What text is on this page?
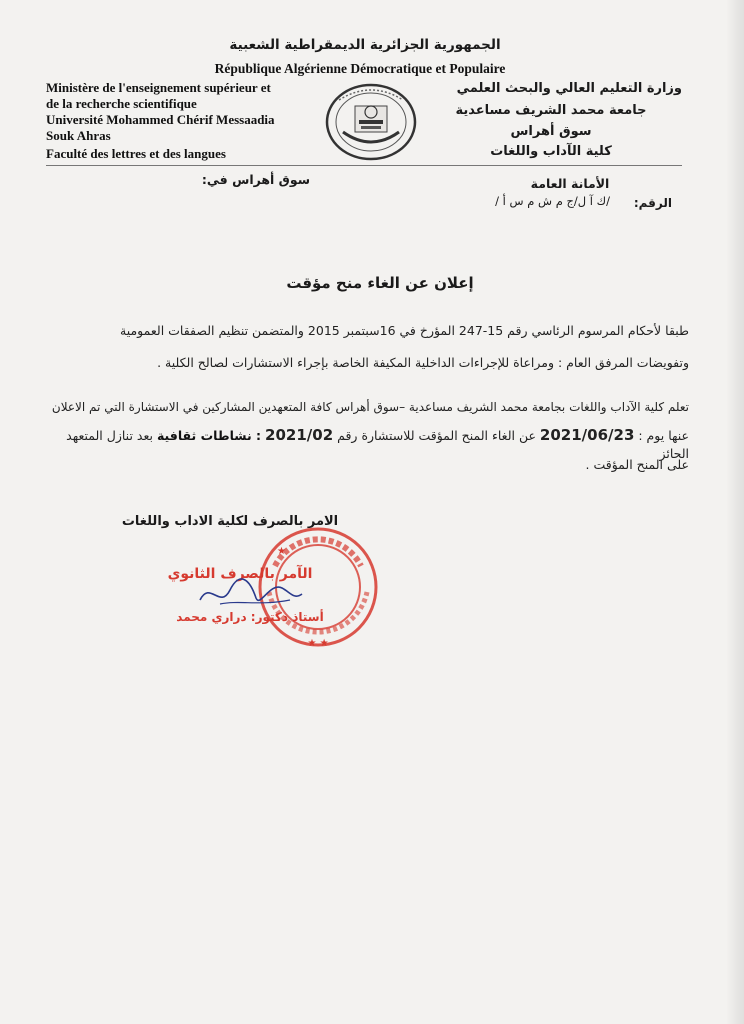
الجمهورية الجزائرية الديمقراطية الشعبية
République Algérienne Démocratique et Populaire
Ministère de l'enseignement supérieur et
de la recherche scientifique
Université Mohammed Chérif Messaadia
Souk Ahras
Faculté des lettres et des langues
وزارة التعليم العالي والبحث العلمي
جامعة محمد الشريف مساعدية
سوق أهراس
كلية الآداب واللغات
الأمانة العامة
سوق أهراس في:
الرقم:
/ك آ ل/ج م ش م س أ /
إعلان عن الغاء منح مؤقت
طبقا لأحكام المرسوم الرئاسي رقم 15-247 المؤرخ في 16سبتمبر 2015 والمتضمن تنظيم الصفقات العمومية
وتفويضات المرفق العام : ومراعاة للإجراءات الداخلية المكيفة الخاصة بإجراء الاستشارات لصالح الكلية .
تعلم كلية الآداب واللغات بجامعة محمد الشريف مساعدية –سوق أهراس كافة المتعهدين المشاركين في الاستشارة التي تم الاعلان
عنها يوم : 2021/06/23 عن الغاء المنح المؤقت للاستشارة رقم 2021/02 : نشاطات ثقافية بعد تنازل المتعهد الحائز
على المنح المؤقت .
الامر بالصرف لكلية الاداب واللغات
★ ★
★
الآمر بالصرف الثانوي
أستاذ دكتور: دراري محمد
